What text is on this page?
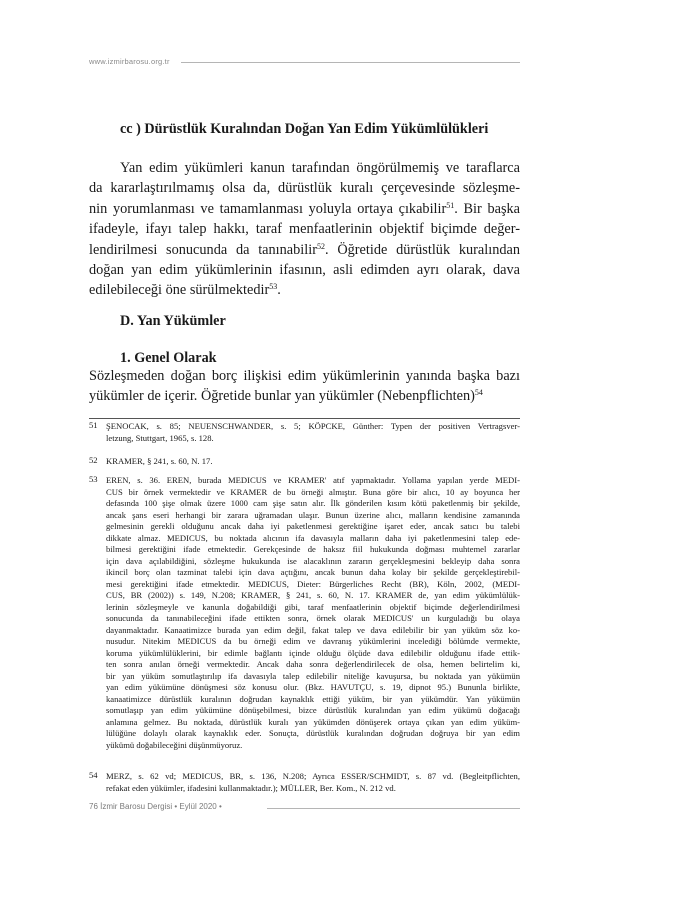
www.izmirbarosu.org.tr
cc ) Dürüstlük Kuralından Doğan Yan Edim Yükümlülükleri
Yan edim yükümleri kanun tarafından öngörülmemiş ve taraflarca
da kararlaştırılmamış olsa da, dürüstlük kuralı çerçevesinde sözleşme-
nin yorumlanması ve tamamlanması yoluyla ortaya çıkabilir$^{51}$. Bir başka
ifadeyle, ifayı talep hakkı, taraf menfaatlerinin objektif biçimde değer-
lendirilmesi sonucunda da tanınabilir$^{52}$. Öğretide dürüstlük kuralından
doğan yan edim yükümlerinin ifasının, asli edimden ayrı olarak, dava
edilebileceği öne sürülmektedir$^{53}$.
D. Yan Yükümler
1. Genel Olarak
Sözleşmeden doğan borç ilişkisi edim yükümlerinin yanında başka bazı
yükümler de içerir. Öğretide bunlar yan yükümler (Nebenpflichten)$^{54}$
51 ŞENOCAK, s. 85; NEUENSCHWANDER, s. 5; KÖPCKE, Günther: Typen der positiven Vertragsver-
letzung, Stuttgart, 1965, s. 128.
52 KRAMER, § 241, s. 60, N. 17.
53 EREN, s. 36. EREN, burada MEDICUS ve KRAMER' atıf yapmaktadır. Yollama yapılan yerde MEDI-
CUS bir örnek vermektedir ve KRAMER de bu örneği almıştır. Buna göre bir alıcı, 10 ay boyunca her
defasında 100 şişe olmak üzere 1000 cam şişe satın alır. İlk gönderilen kısım kötü paketlenmiş bir şekilde,
ancak şans eseri herhangi bir zarara uğramadan ulaşır. Bunun üzerine alıcı, malların kendisine zamanında
gelmesinin gerekli olduğunu ancak daha iyi paketlenmesi gerektiğine işaret eder, ancak satıcı bu talebi
dikkate almaz. MEDICUS, bu noktada alıcının ifa davasıyla malların daha iyi paketlenmesini talep ede-
bilmesi gerektiğini ifade etmektedir. Gerekçesinde de haksız fiil hukukunda doğması muhtemel zararlar
için dava açılabildiğini, sözleşme hukukunda ise alacaklının zararın gerçekleşmesini bekleyip daha sonra
ikincil borç olan tazminat talebi için dava açtığını, ancak bunun daha kolay bir şekilde gerçekleştirebil-
mesi gerektiğini ifade etmektedir. MEDICUS, Dieter: Bürgerliches Recht (BR), Köln, 2002, (MEDI-
CUS, BR (2002)) s. 149, N.208; KRAMER, § 241, s. 60, N. 17. KRAMER de, yan edim yükümlülük-
lerinin sözleşmeyle ve kanunla doğabildiği gibi, taraf menfaatlerinin objektif biçimde değerlendirilmesi
sonucunda da tanınabileceğini ifade ettikten sonra, örnek olarak MEDICUS' un kurguladığı bu olaya
dayanmaktadır. Kanaatimizce burada yan edim değil, fakat talep ve dava edilebilir bir yan yüküm söz ko-
nusudur. Nitekim MEDICUS da bu örneği edim ve davranış yükümlerini incelediği bölümde vermekte,
koruma yükümlülüklerini, bir edimle bağlantı içinde olduğu ölçüde dava edilebilir olduğunu ifade ettik-
ten sonra anılan örneği vermektedir. Ancak daha sonra değerlendirilecek de olsa, hemen belirtelim ki,
bir yan yüküm somutlaştırılıp ifa davasıyla talep edilebilir niteliğe kavuşursa, bu noktada yan yükümün
yan edim yükümüne dönüşmesi söz konusu olur. (Bkz. HAVUTÇU, s. 19, dipnot 95.) Bununla birlikte,
kanaatimizce dürüstlük kuralının doğrudan kaynaklık ettiği yüküm, bir yan yükümdür. Yan yükümün
somutlaşıp yan edim yükümüne dönüşebilmesi, bizce dürüstlük kuralından yan edim yükümü doğacağı
anlamına gelmez. Bu noktada, dürüstlük kuralı yan yükümden dönüşerek ortaya çıkan yan edim yüküm-
lülüğüne dolaylı olarak kaynaklık eder. Sonuçta, dürüstlük kuralından doğrudan doğruya bir yan edim
yükümü doğabileceğini düşünmüyoruz.
54 MERZ, s. 62 vd; MEDICUS, BR, s. 136, N.208; Ayrıca ESSER/SCHMIDT, s. 87 vd. (Begleitpflichten,
refakat eden yükümler, ifadesini kullanmaktadır.); MÜLLER, Ber. Kom., N. 212 vd.
76 İzmir Barosu Dergisi • Eylül 2020 •
